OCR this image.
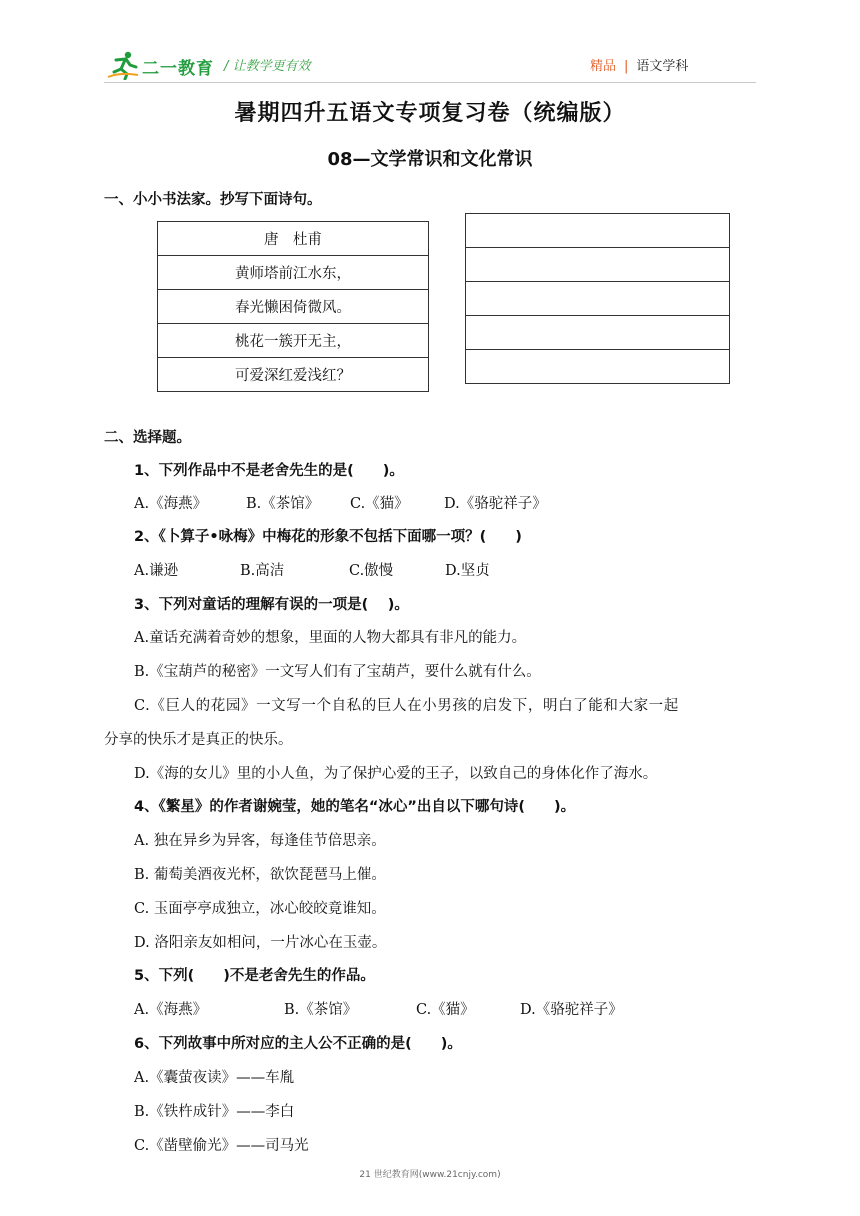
二一教育 / 让教学更有效	精品 | 语文学科
暑期四升五语文专项复习卷（统编版）
08—文学常识和文化常识
一、小小书法家。抄写下面诗句。
唐　杜甫
黄师塔前江水东，
春光懒困倚微风。
桃花一簇开无主，
可爱深红爱浅红？

二、选择题。
1、下列作品中不是老舍先生的是(　　)。
A.《海燕》	B.《茶馆》 C.《猫》 D.《骆驼祥子》
2、《卜算子•咏梅》中梅花的形象不包括下面哪一项？(　　)
A.谦逊	B.高洁	C.傲慢	D.坚贞
3、下列对童话的理解有误的一项是(　 )。
A.童话充满着奇妙的想象，里面的人物大都具有非凡的能力。
B.《宝葫芦的秘密》一文写人们有了宝葫芦，要什么就有什么。
C.《巨人的花园》一文写一个自私的巨人在小男孩的启发下，明白了能和大家一起
分享的快乐才是真正的快乐。
D.《海的女儿》里的小人鱼，为了保护心爱的王子，以致自己的身体化作了海水。
4、《繁星》的作者谢婉莹，她的笔名“冰心”出自以下哪句诗(　　)。
A. 独在异乡为异客，每逢佳节倍思亲。
B. 葡萄美酒夜光杯，欲饮琵琶马上催。
C. 玉面亭亭成独立，冰心皎皎竟谁知。
D. 洛阳亲友如相问，一片冰心在玉壶。
5、下列(　　)不是老舍先生的作品。
A.《海燕》	B.《茶馆》	C.《猫》	D.《骆驼祥子》
6、下列故事中所对应的主人公不正确的是(　　)。
A.《囊萤夜读》——车胤
B.《铁杵成针》——李白
C.《凿壁偷光》——司马光
21 世纪教育网(www.21cnjy.com)
